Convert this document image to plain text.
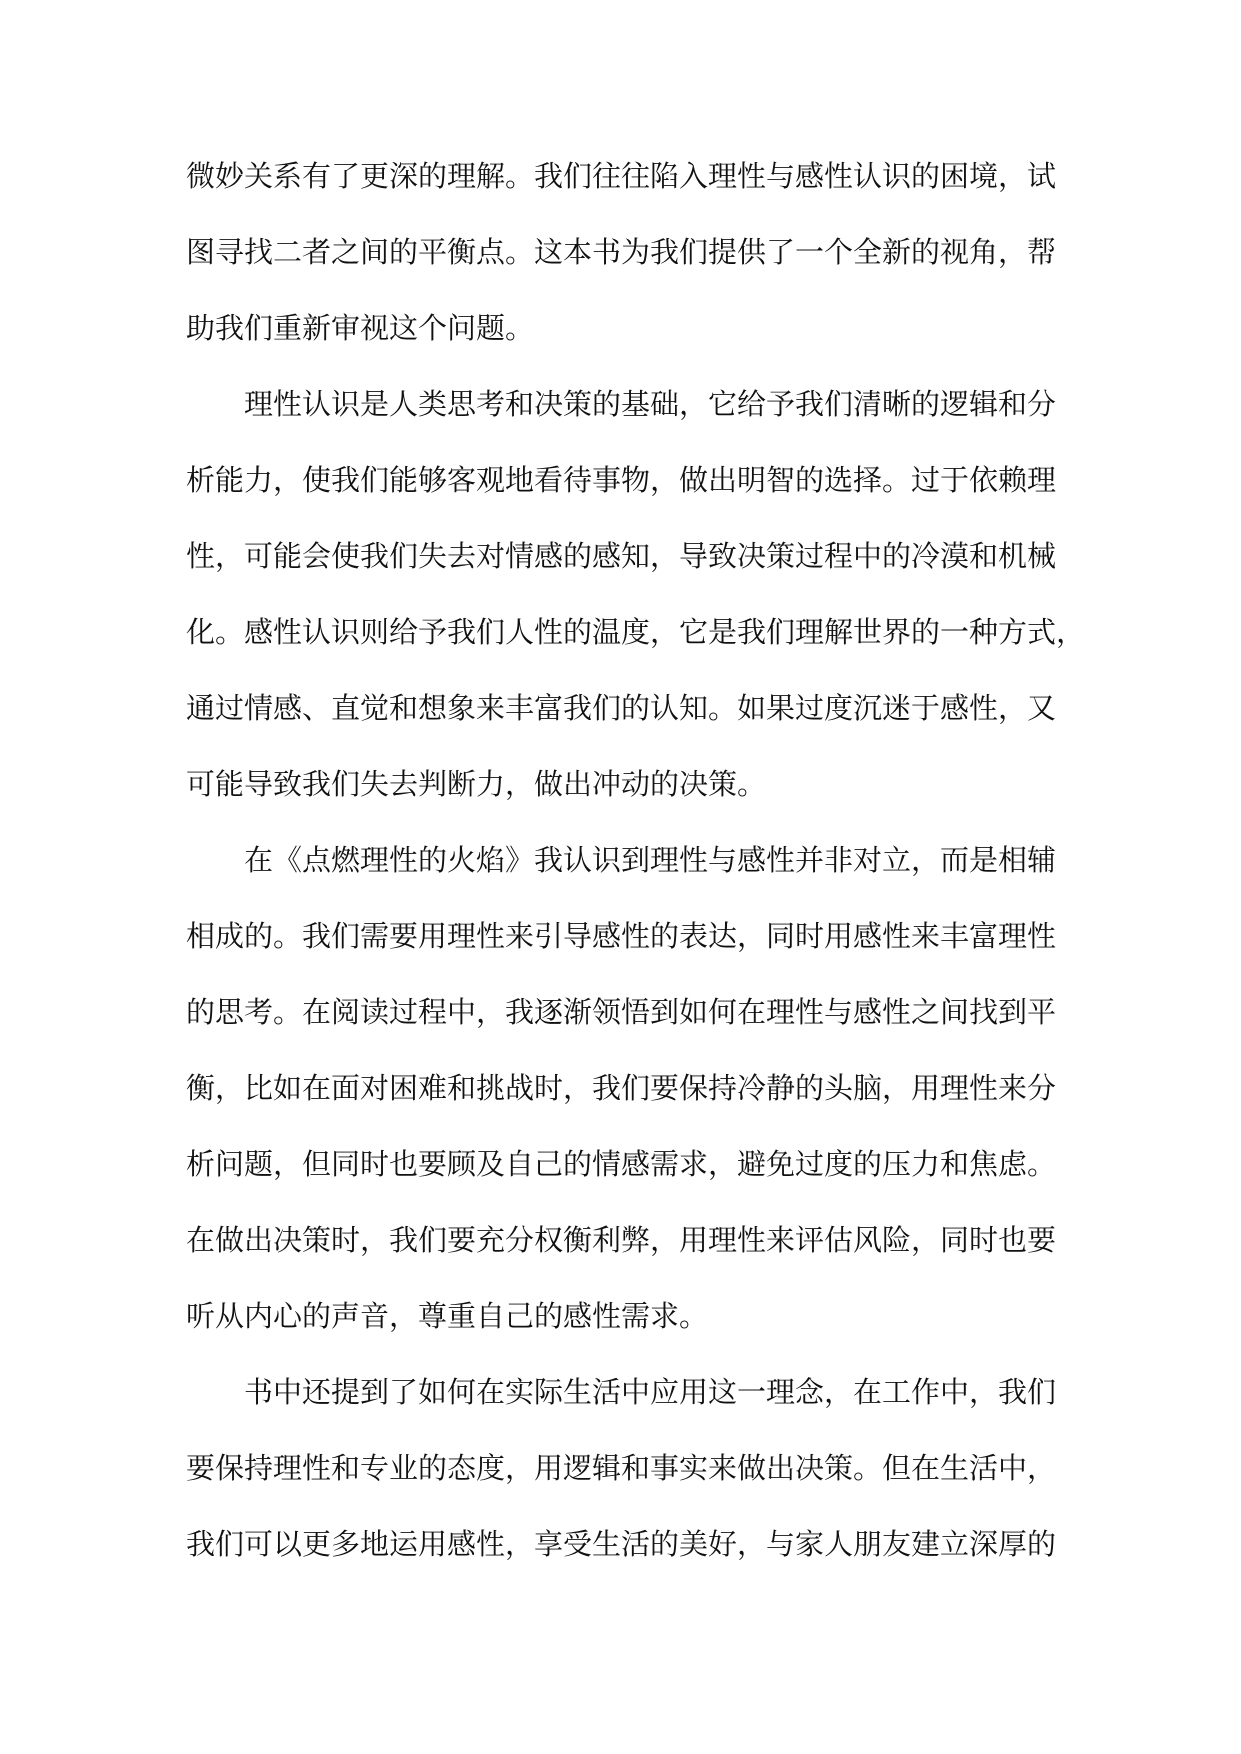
微妙关系有了更深的理解。我们往往陷入理性与感性认识的困境，试
图寻找二者之间的平衡点。这本书为我们提供了一个全新的视角，帮
助我们重新审视这个问题。
理性认识是人类思考和决策的基础，它给予我们清晰的逻辑和分
析能力，使我们能够客观地看待事物，做出明智的选择。过于依赖理
性，可能会使我们失去对情感的感知，导致决策过程中的冷漠和机械
化。感性认识则给予我们人性的温度，它是我们理解世界的一种方式，
通过情感、直觉和想象来丰富我们的认知。如果过度沉迷于感性，又
可能导致我们失去判断力，做出冲动的决策。
在《点燃理性的火焰》我认识到理性与感性并非对立，而是相辅
相成的。我们需要用理性来引导感性的表达，同时用感性来丰富理性
的思考。在阅读过程中，我逐渐领悟到如何在理性与感性之间找到平
衡，比如在面对困难和挑战时，我们要保持冷静的头脑，用理性来分
析问题，但同时也要顾及自己的情感需求，避免过度的压力和焦虑。
在做出决策时，我们要充分权衡利弊，用理性来评估风险，同时也要
听从内心的声音，尊重自己的感性需求。
书中还提到了如何在实际生活中应用这一理念，在工作中，我们
要保持理性和专业的态度，用逻辑和事实来做出决策。但在生活中，
我们可以更多地运用感性，享受生活的美好，与家人朋友建立深厚的
